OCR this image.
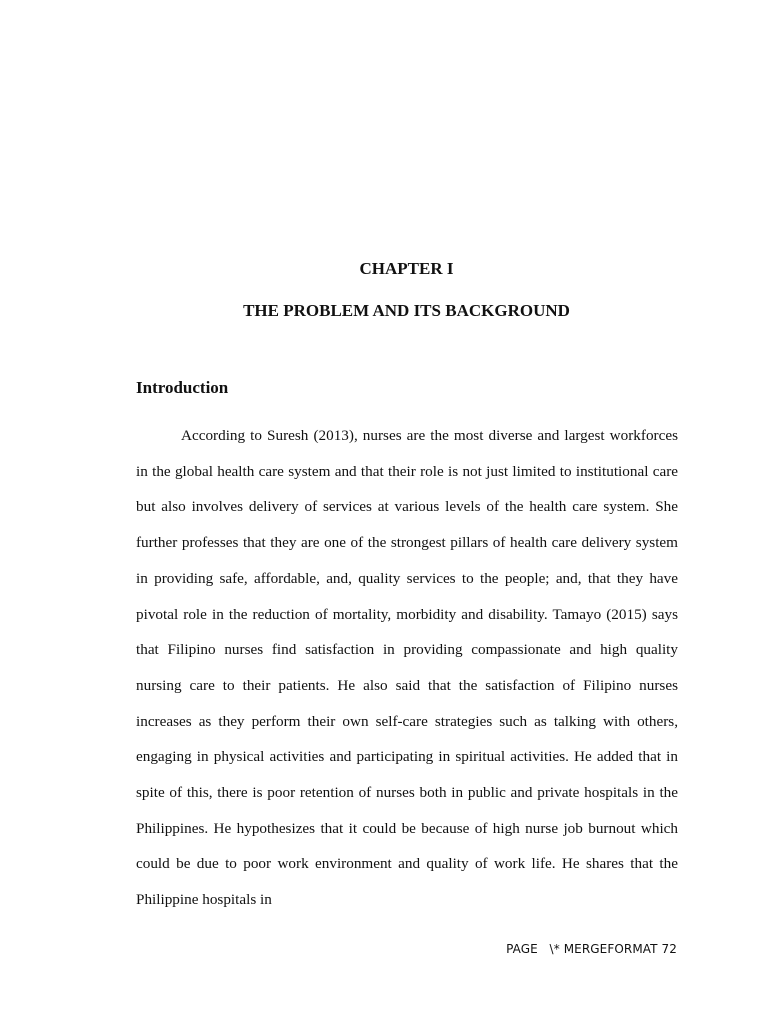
CHAPTER I
THE PROBLEM AND ITS BACKGROUND
Introduction

According to Suresh (2013), nurses are the most diverse and largest workforces in the global health care system and that their role is not just limited to institutional care but also involves delivery of services at various levels of the health care system. She further professes that they are one of the strongest pillars of health care delivery system in providing safe, affordable, and, quality services to the people; and, that they have pivotal role in the reduction of mortality, morbidity and disability. Tamayo (2015) says that Filipino nurses find satisfaction in providing compassionate and high quality nursing care to their patients. He also said that the satisfaction of Filipino nurses increases as they perform their own self-care strategies such as talking with others, engaging in physical activities and participating in spiritual activities. He added that in spite of this, there is poor retention of nurses both in public and private hospitals in the Philippines. He hypothesizes that it could be because of high nurse job burnout which could be due to poor work environment and quality of work life. He shares that the Philippine hospitals in

PAGE   \* MERGEFORMAT 72
